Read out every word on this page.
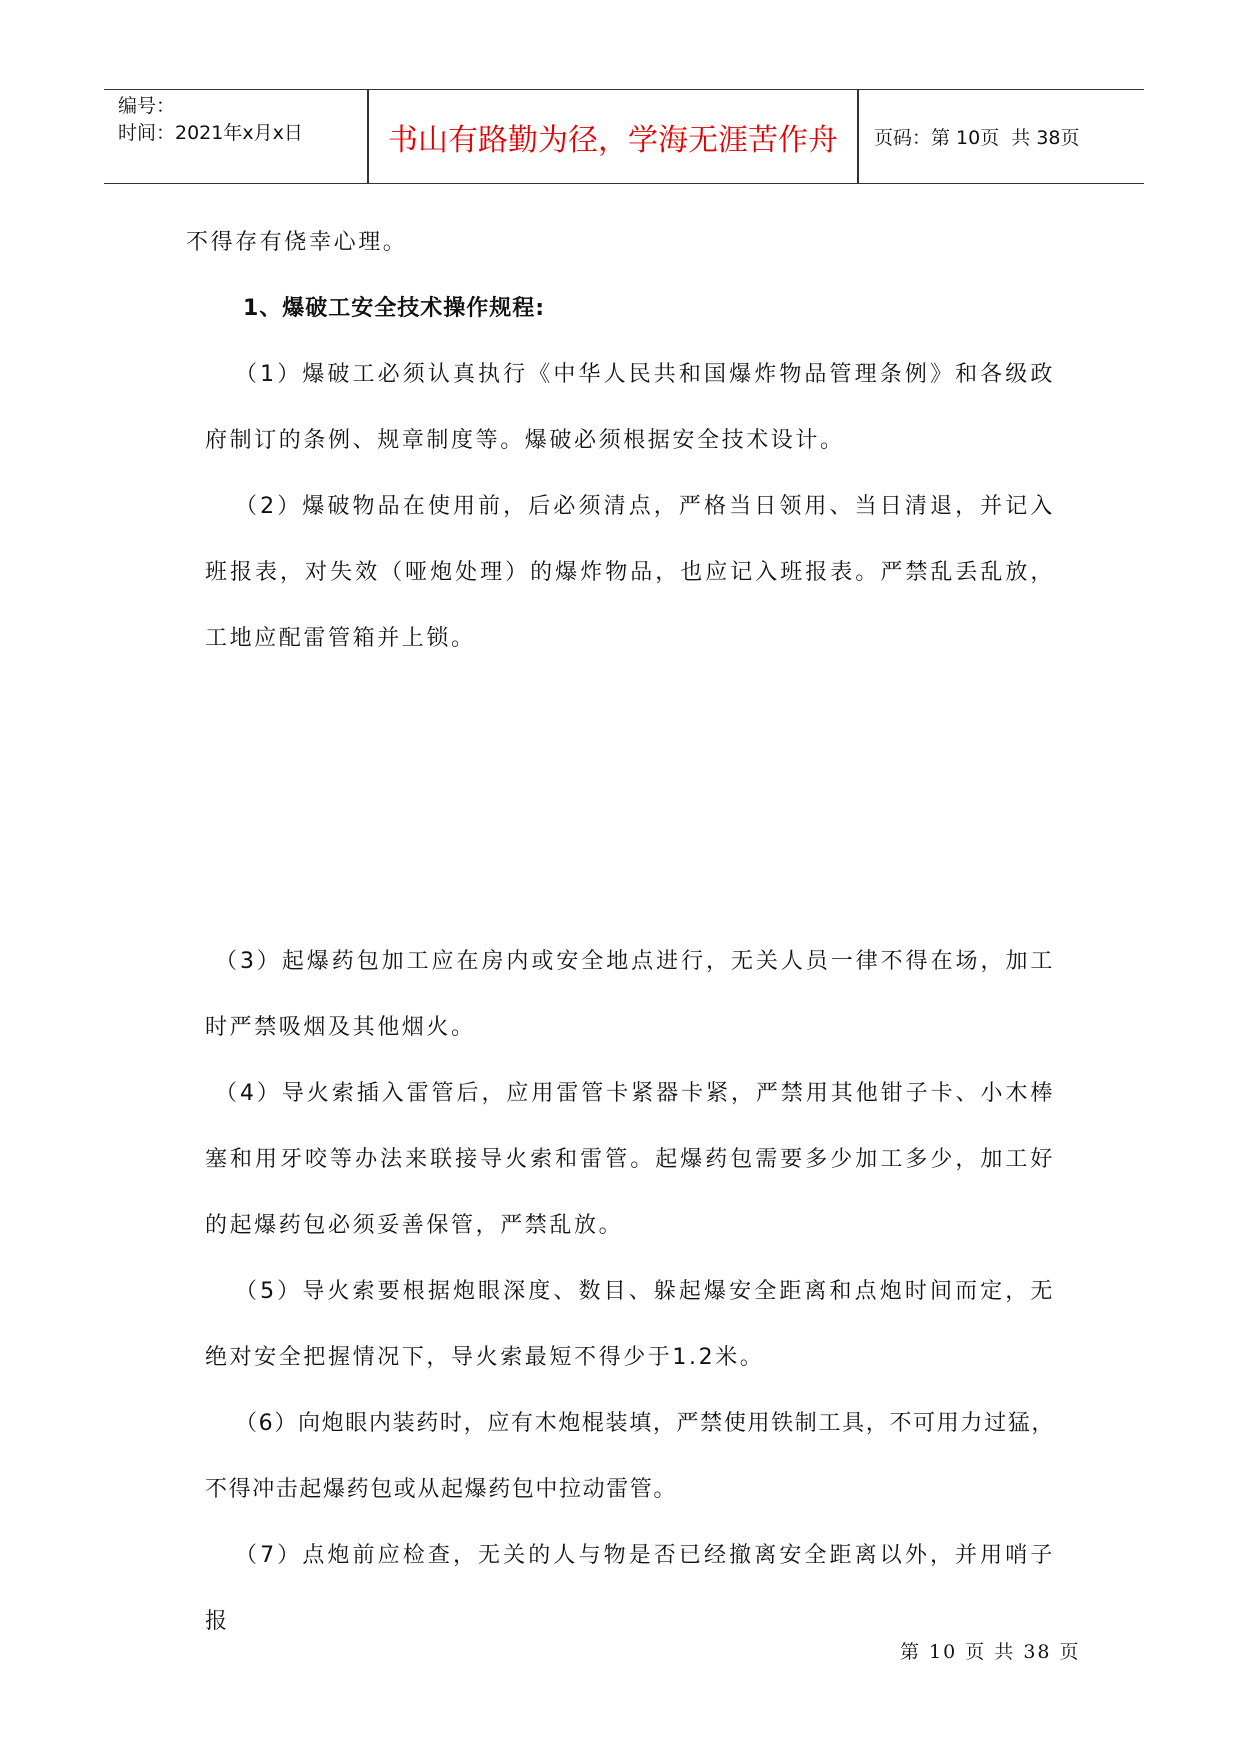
编号：
时间：2021年x月x日	书山有路勤为径，学海无涯苦作舟	页码：第 10页  共 38页

不得存有侥幸心理。

1、爆破工安全技术操作规程:

（1）爆破工必须认真执行《中华人民共和国爆炸物品管理条例》和各级政府制订的条例、规章制度等。爆破必须根据安全技术设计。

（2）爆破物品在使用前，后必须清点，严格当日领用、当日清退，并记入班报表，对失效（哑炮处理）的爆炸物品，也应记入班报表。严禁乱丢乱放，工地应配雷管箱并上锁。

（3）起爆药包加工应在房内或安全地点进行，无关人员一律不得在场，加工时严禁吸烟及其他烟火。

（4）导火索插入雷管后，应用雷管卡紧器卡紧，严禁用其他钳子卡、小木棒塞和用牙咬等办法来联接导火索和雷管。起爆药包需要多少加工多少，加工好的起爆药包必须妥善保管，严禁乱放。

（5）导火索要根据炮眼深度、数目、躲起爆安全距离和点炮时间而定，无绝对安全把握情况下，导火索最短不得少于1.2米。

（6）向炮眼内装药时，应有木炮棍装填，严禁使用铁制工具，不可用力过猛，不得冲击起爆药包或从起爆药包中拉动雷管。

（7）点炮前应检查，无关的人与物是否已经撤离安全距离以外，并用哨子报

第 10 页 共 38 页
